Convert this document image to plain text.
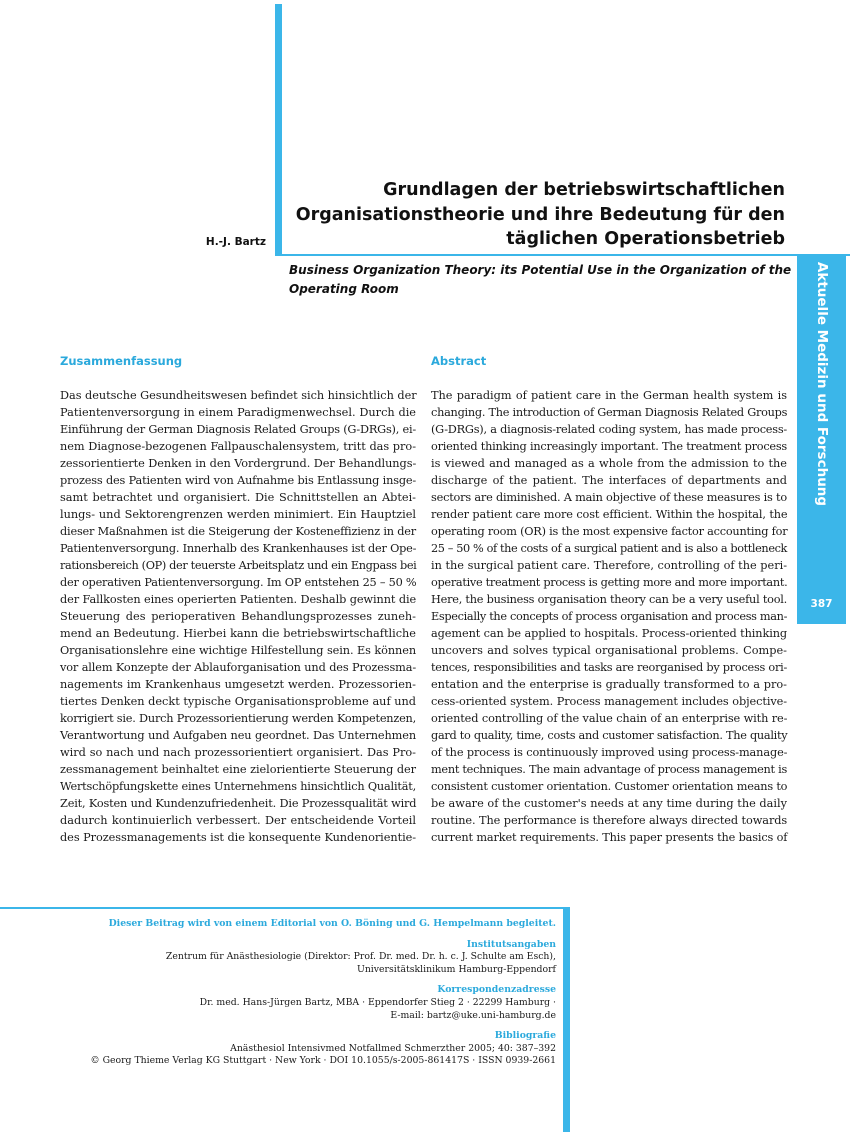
Grundlagen der betriebswirtschaftlichen
Organisationstheorie und ihre Bedeutung für den
täglichen Operationsbetrieb
H.-J. Bartz
Business Organization Theory: its Potential Use in the Organization of the
Operating Room	Aktuelle Medizin und Forschung
387
Zusammenfassung	Abstract
Das deutsche Gesundheitswesen befindet sich hinsichtlich der
Patientenversorgung in einem Paradigmenwechsel. Durch die
Einführung der German Diagnosis Related Groups (G-DRGs), ei-
nem Diagnose-bezogenen Fallpauschalensystem, tritt das pro-
zessorientierte Denken in den Vordergrund. Der Behandlungs-
prozess des Patienten wird von Aufnahme bis Entlassung insge-
samt betrachtet und organisiert. Die Schnittstellen an Abtei-
lungs- und Sektorengrenzen werden minimiert. Ein Hauptziel
dieser Maßnahmen ist die Steigerung der Kosteneffizienz in der
Patientenversorgung. Innerhalb des Krankenhauses ist der Ope-
rationsbereich (OP) der teuerste Arbeitsplatz und ein Engpass bei
der operativen Patientenversorgung. Im OP entstehen 25 – 50 %
der Fallkosten eines operierten Patienten. Deshalb gewinnt die
Steuerung des perioperativen Behandlungsprozesses zuneh-
mend an Bedeutung. Hierbei kann die betriebswirtschaftliche
Organisationslehre eine wichtige Hilfestellung sein. Es können
vor allem Konzepte der Ablauforganisation und des Prozessma-
nagements im Krankenhaus umgesetzt werden. Prozessorien-
tiertes Denken deckt typische Organisationsprobleme auf und
korrigiert sie. Durch Prozessorientierung werden Kompetenzen,
Verantwortung und Aufgaben neu geordnet. Das Unternehmen
wird so nach und nach prozessorientiert organisiert. Das Pro-
zessmanagement beinhaltet eine zielorientierte Steuerung der
Wertschöpfungskette eines Unternehmens hinsichtlich Qualität,
Zeit, Kosten und Kundenzufriedenheit. Die Prozessqualität wird
dadurch kontinuierlich verbessert. Der entscheidende Vorteil
des Prozessmanagements ist die konsequente Kundenorientie-
The paradigm of patient care in the German health system is
changing. The introduction of German Diagnosis Related Groups
(G-DRGs), a diagnosis-related coding system, has made process-
oriented thinking increasingly important. The treatment process
is viewed and managed as a whole from the admission to the
discharge of the patient. The interfaces of departments and
sectors are diminished. A main objective of these measures is to
render patient care more cost efficient. Within the hospital, the
operating room (OR) is the most expensive factor accounting for
25 – 50 % of the costs of a surgical patient and is also a bottleneck
in the surgical patient care. Therefore, controlling of the peri-
operative treatment process is getting more and more important.
Here, the business organisation theory can be a very useful tool.
Especially the concepts of process organisation and process man-
agement can be applied to hospitals. Process-oriented thinking
uncovers and solves typical organisational problems. Compe-
tences, responsibilities and tasks are reorganised by process ori-
entation and the enterprise is gradually transformed to a pro-
cess-oriented system. Process management includes objective-
oriented controlling of the value chain of an enterprise with re-
gard to quality, time, costs and customer satisfaction. The quality
of the process is continuously improved using process-manage-
ment techniques. The main advantage of process management is
consistent customer orientation. Customer orientation means to
be aware of the customer's needs at any time during the daily
routine. The performance is therefore always directed towards
current market requirements. This paper presents the basics of
Dieser Beitrag wird von einem Editorial von O. Böning und G. Hempelmann begleitet.
Institutsangaben
Zentrum für Anästhesiologie (Direktor: Prof. Dr. med. Dr. h. c. J. Schulte am Esch),
Universitätsklinikum Hamburg-Eppendorf
Korrespondenzadresse
Dr. med. Hans-Jürgen Bartz, MBA · Eppendorfer Stieg 2 · 22299 Hamburg ·
E-mail: bartz@uke.uni-hamburg.de
Bibliografie
Anästhesiol Intensivmed Notfallmed Schmerzther 2005; 40: 387–392
© Georg Thieme Verlag KG Stuttgart · New York · DOI 10.1055/s-2005-861417S · ISSN 0939-2661
